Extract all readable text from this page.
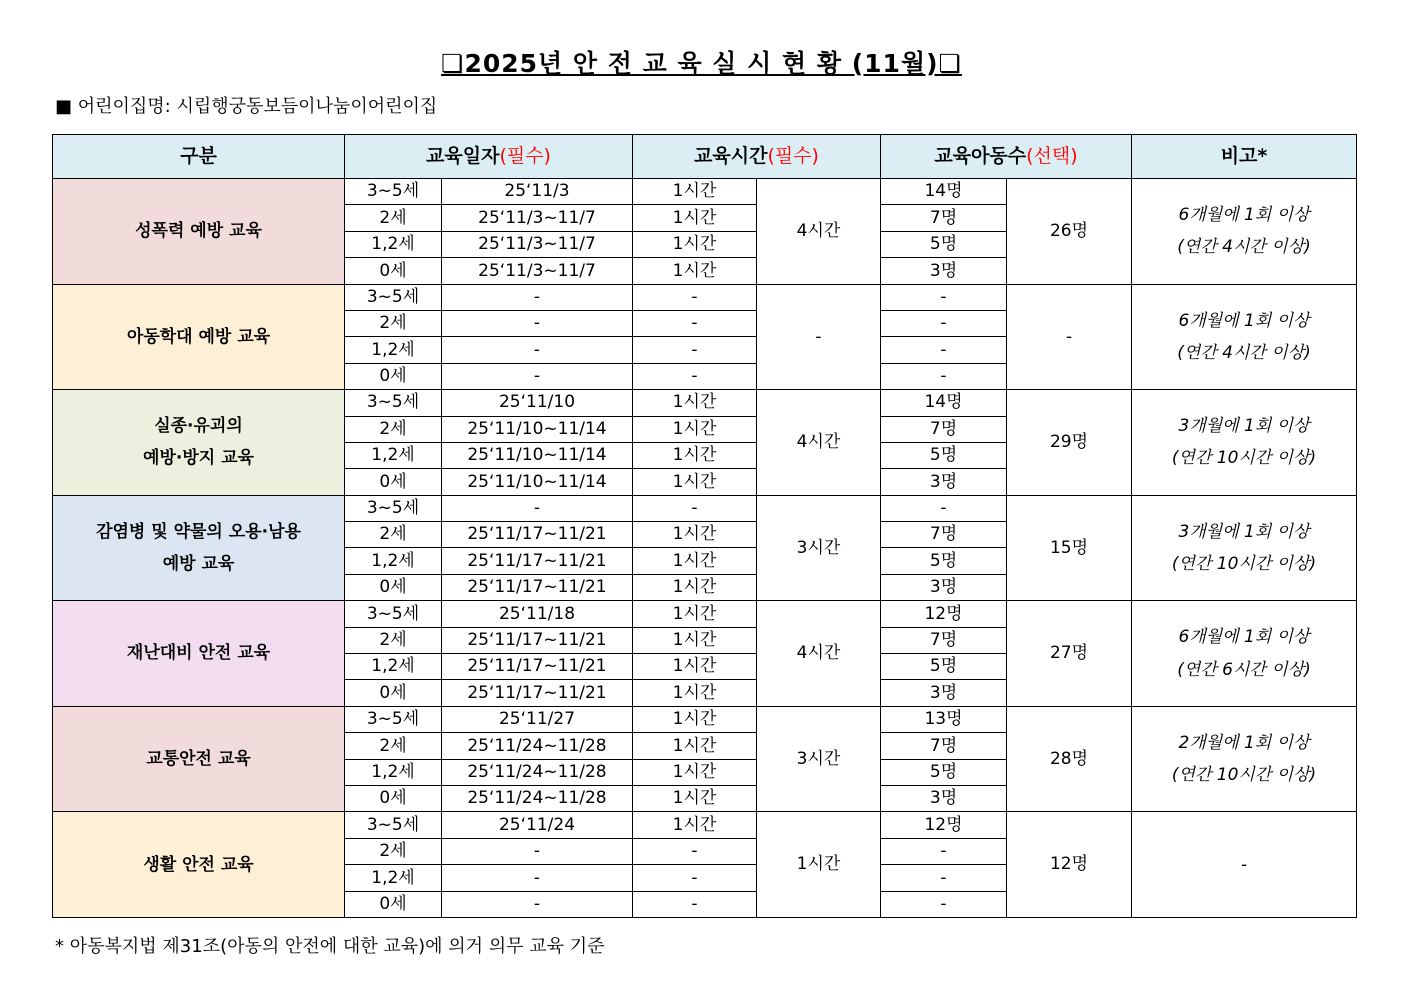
❏2025년 안 전 교 육 실 시 현 황 (11월)❏
■ 어린이집명: 시립행궁동보듬이나눔이어린이집
구분	교육일자(필수)		교육시간(필수)		교육아동수(선택)		비고*
성폭력 예방 교육	3~5세	25‘11/3	1시간	4시간	14명	26명	6개월에 1회 이상
(연간 4시간 이상)
	2세	25‘11/3~11/7	1시간		7명		
	1,2세	25‘11/3~11/7	1시간		5명		
	0세	25‘11/3~11/7	1시간		3명		
아동학대 예방 교육	3~5세	-	-	-	-	-	6개월에 1회 이상
(연간 4시간 이상)
	2세	-	-		-		
	1,2세	-	-		-		
	0세	-	-		-		
실종·유괴의
예방·방지 교육	3~5세	25‘11/10	1시간	4시간	14명	29명	3개월에 1회 이상
(연간 10시간 이상)
	2세	25‘11/10~11/14	1시간		7명		
	1,2세	25‘11/10~11/14	1시간		5명		
	0세	25‘11/10~11/14	1시간		3명		
감염병 및 약물의 오용·남용
예방 교육	3~5세	-	-	3시간	-	15명	3개월에 1회 이상
(연간 10시간 이상)
	2세	25‘11/17~11/21	1시간		7명		
	1,2세	25‘11/17~11/21	1시간		5명		
	0세	25‘11/17~11/21	1시간		3명		
재난대비 안전 교육	3~5세	25‘11/18	1시간	4시간	12명	27명	6개월에 1회 이상
(연간 6시간 이상)
	2세	25‘11/17~11/21	1시간		7명		
	1,2세	25‘11/17~11/21	1시간		5명		
	0세	25‘11/17~11/21	1시간		3명		
교통안전 교육	3~5세	25‘11/27	1시간	3시간	13명	28명	2개월에 1회 이상
(연간 10시간 이상)
	2세	25‘11/24~11/28	1시간		7명		
	1,2세	25‘11/24~11/28	1시간		5명		
	0세	25‘11/24~11/28	1시간		3명		
생활 안전 교육	3~5세	25‘11/24	1시간	1시간	12명	12명	-
	2세	-	-		-		
	1,2세	-	-		-		
	0세	-	-		-		
* 아동복지법 제31조(아동의 안전에 대한 교육)에 의거 의무 교육 기준
